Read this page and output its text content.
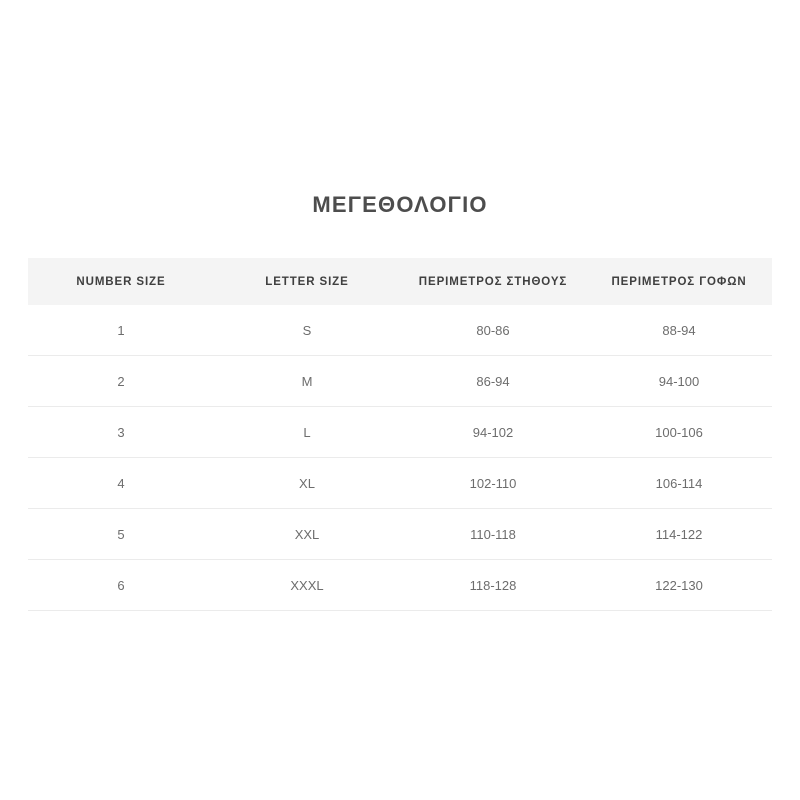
ΜΕΓΕΘΟΛΟΓΙΟ
NUMBER SIZE	LETTER SIZE	ΠΕΡΙΜΕΤΡΟΣ ΣΤΗΘΟΥΣ	ΠΕΡΙΜΕΤΡΟΣ ΓΟΦΩΝ
1	S	80-86	88-94
2	M	86-94	94-100
3	L	94-102	100-106
4	XL	102-110	106-114
5	XXL	110-118	114-122
6	XXXL	118-128	122-130
